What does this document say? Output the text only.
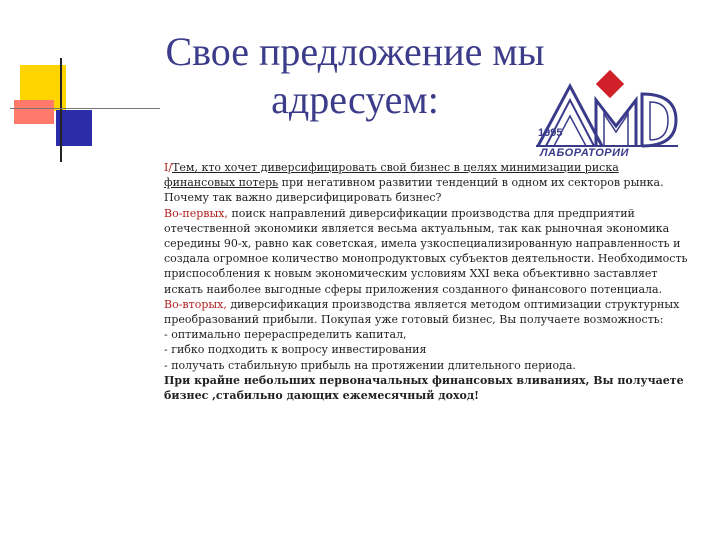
Свое предложение мы
адресуем:
1995
ЛАБОРАТОРИИ

I/Тем, кто хочет диверсифицировать свой бизнес в целях минимизации риска финансовых потерь при негативном развитии тенденций в одном их секторов рынка. Почему так важно диверсифицировать бизнес?

Во-первых, поиск направлений диверсификации производства для предприятий отечественной экономики является весьма актуальным, так как рыночная экономика середины 90-х, равно как советская, имела узкоспециализированную направленность и создала огромное количество монопродуктовых субъектов деятельности. Необходимость приспособления к новым экономическим условиям XXI века объективно заставляет искать наиболее выгодные сферы приложения созданного финансового потенциала.

Во-вторых, диверсификация производства является методом оптимизации структурных преобразований прибыли. Покупая уже готовый бизнес, Вы получаете возможность:

- оптимально перераспределить капитал,

- гибко подходить к вопросу инвестирования

- получать стабильную прибыль на протяжении длительного периода.

При крайне небольших первоначальных финансовых вливаниях, Вы получаете бизнес ,стабильно дающих ежемесячный доход!
